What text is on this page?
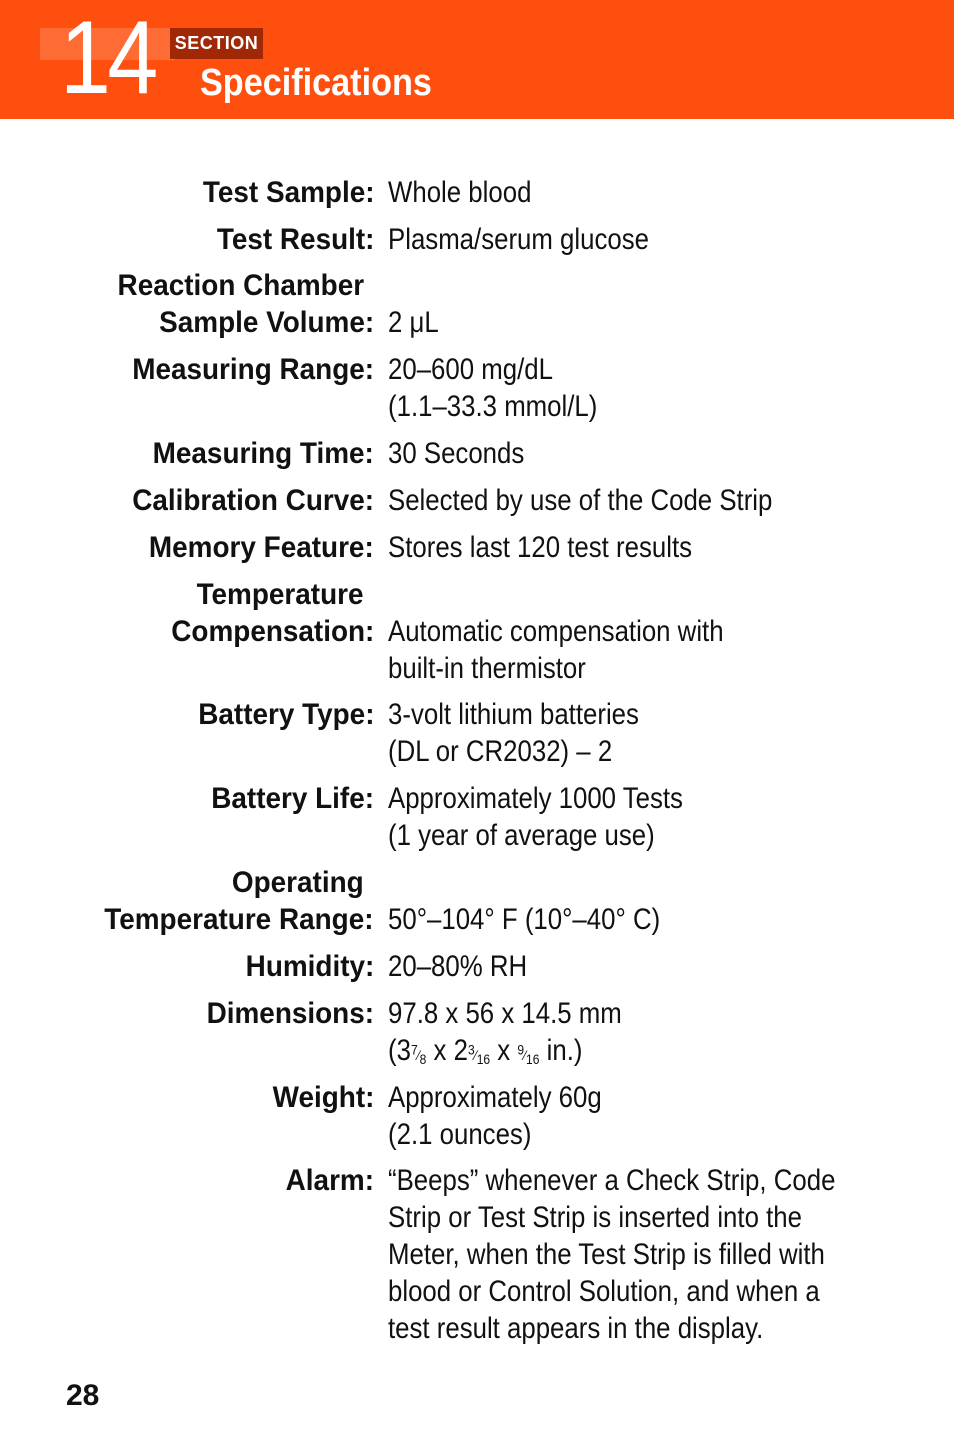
14 SECTION
Specifications
Test Sample: Whole blood
Test Result: Plasma/serum glucose
Reaction Chamber
Sample Volume: 2 μL
Measuring Range: 20–600 mg/dL
(1.1–33.3 mmol/L)
Measuring Time: 30 Seconds
Calibration Curve: Selected by use of the Code Strip
Memory Feature: Stores last 120 test results
Temperature
Compensation: Automatic compensation with
built-in thermistor
Battery Type: 3-volt lithium batteries
(DL or CR2032) – 2
Battery Life: Approximately 1000 Tests
(1 year of average use)
Operating
Temperature Range: 50°–104° F (10°–40° C)
Humidity: 20–80% RH
Dimensions: 97.8 x 56 x 14.5 mm
($3^7⁄_8$ x $2^3⁄_{16}$ x $^9⁄_{16}$ in.)
Weight: Approximately 60g
(2.1 ounces)
Alarm: “Beeps” whenever a Check Strip, Code
Strip or Test Strip is inserted into the
Meter, when the Test Strip is filled with
blood or Control Solution, and when a
test result appears in the display.
28
